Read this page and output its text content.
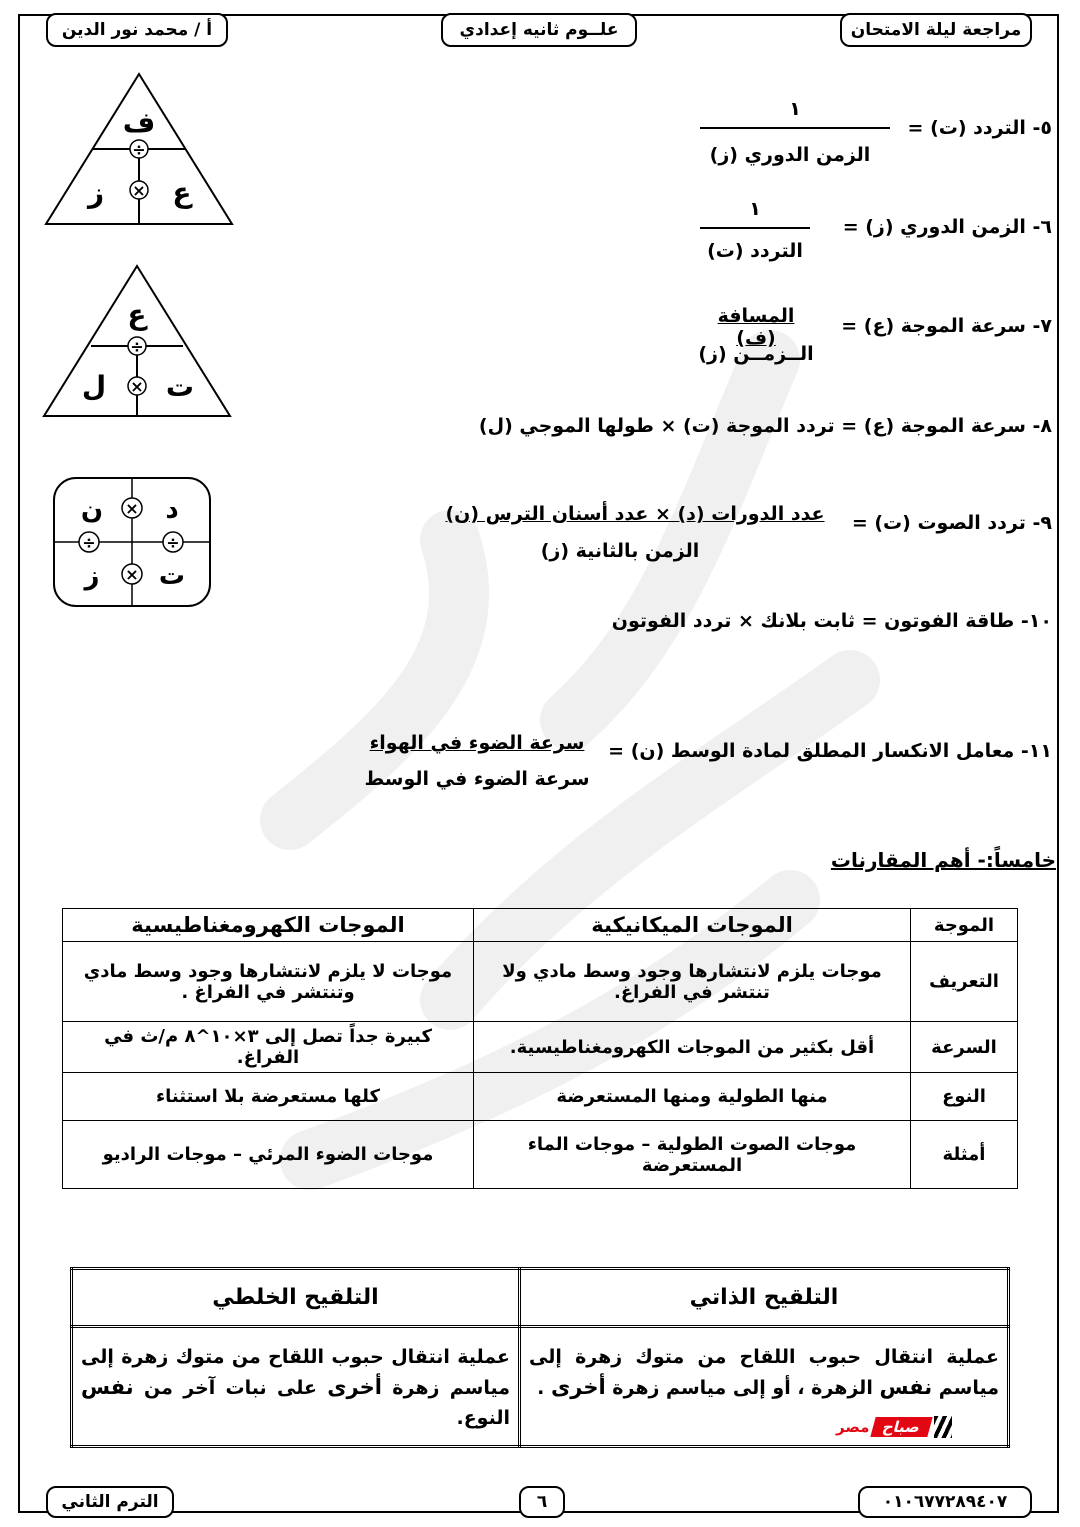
مراجعة ليلة الامتحان
علــوم ثانيه إعدادي
أ / محمد نور الدين
ف
÷
×
ز ع
ع
÷
×
ل ت
×
×
÷	÷
ن د
ز ت
٥- التردد (ت) =
١
الزمن الدوري (ز)
٦- الزمن الدوري (ز) =
١
التردد (ت)
٧- سرعة الموجة (ع) =
المسافة (ف)
الــزمــن (ز)
٨- سرعة الموجة (ع) = تردد الموجة (ت) × طولها الموجي (ل)
٩- تردد الصوت (ت) =
عدد الدورات (د) × عدد أسنان الترس (ن)
الزمن بالثانية (ز)
١٠- طاقة الفوتون = ثابت بلانك × تردد الفوتون
١١- معامل الانكسار المطلق لمادة الوسط (ن) =
سرعة الضوء في الهواء
سرعة الضوء في الوسط
خامساً:- أهم المقارنات
الموجة	الموجات الميكانيكية	الموجات الكهرومغناطيسية
التعريف	موجات يلزم لانتشارها وجود وسط مادي ولا تنتشر في الفراغ.	موجات لا يلزم لانتشارها وجود وسط مادي وتنتشر في الفراغ .
السرعة	أقل بكثير من الموجات الكهرومغناطيسية.	كبيرة جداً تصل إلى ٣×١٠^٨ م/ث في الفراغ.
النوع	منها الطولية ومنها المستعرضة	كلها مستعرضة بلا استثناء
أمثلة	موجات الصوت الطولية – موجات الماء المستعرضة	موجات الضوء المرئي – موجات الراديو
التلقيح الذاتي	التلقيح الخلطي
عملية انتقال حبوب اللقاح من متوك زهرة إلى مياسم نفس الزهرة ، أو إلى مياسم زهرة أخرى .	عملية انتقال حبوب اللقاح من متوك زهرة إلى مياسم زهرة أخرى على نبات آخر من نفس النوع.	مصر صباح
٠١٠٦٧٧٢٨٩٤٠٧
٦
الترم الثاني
